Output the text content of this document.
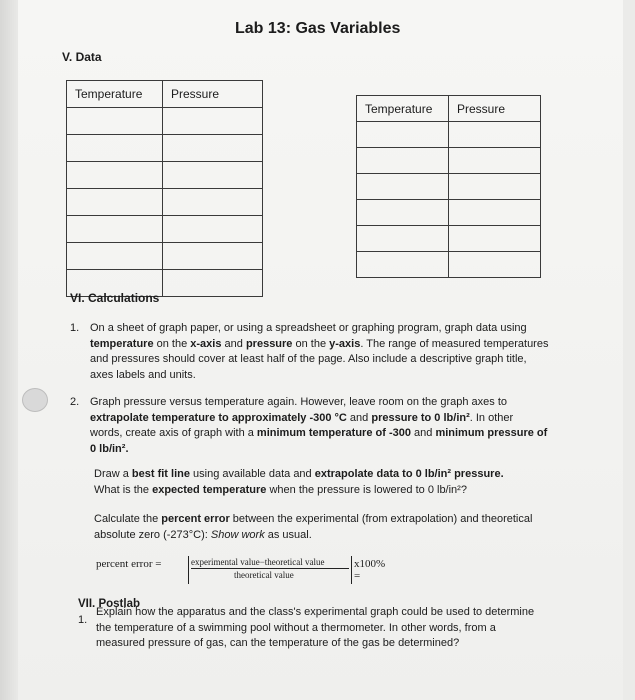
Lab 13: Gas Variables
V. Data
Temperature	Pressure

Temperature	Pressure

VI. Calculations
1. On a sheet of graph paper, or using a spreadsheet or graphing program, graph data using
temperature on the x-axis and pressure on the y-axis. The range of measured temperatures
and pressures should cover at least half of the page. Also include a descriptive graph title,
axes labels and units.
2. Graph pressure versus temperature again. However, leave room on the graph axes to
extrapolate temperature to approximately -300 °C and pressure to 0 lb/in². In other
words, create axis of graph with a minimum temperature of -300 and minimum pressure of
0 lb/in².
Draw a best fit line using available data and extrapolate data to 0 lb/in² pressure.
What is the expected temperature when the pressure is lowered to 0 lb/in²?
Calculate the percent error between the experimental (from extrapolation) and theoretical
absolute zero (-273°C): Show work as usual.
percent error =	experimental value−theoretical value
theoretical value
x100% =
VII. Postlab
1.
Explain how the apparatus and the class's experimental graph could be used to determine
the temperature of a swimming pool without a thermometer. In other words, from a
measured pressure of gas, can the temperature of the gas be determined?
